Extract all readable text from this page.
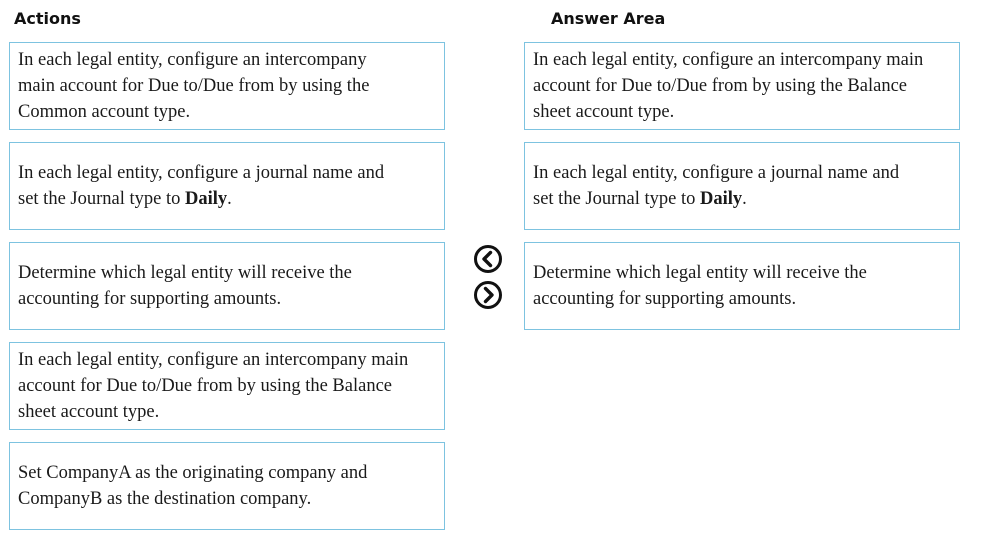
Actions	Answer Area
In each legal entity, configure an intercompany
main account for Due to/Due from by using the
Common account type.
In each legal entity, configure a journal name and
set the Journal type to Daily.
Determine which legal entity will receive the
accounting for supporting amounts.
In each legal entity, configure an intercompany main
account for Due to/Due from by using the Balance
sheet account type.
Set CompanyA as the originating company and
CompanyB as the destination company.
In each legal entity, configure an intercompany main
account for Due to/Due from by using the Balance
sheet account type.
In each legal entity, configure a journal name and
set the Journal type to Daily.
Determine which legal entity will receive the
accounting for supporting amounts.
